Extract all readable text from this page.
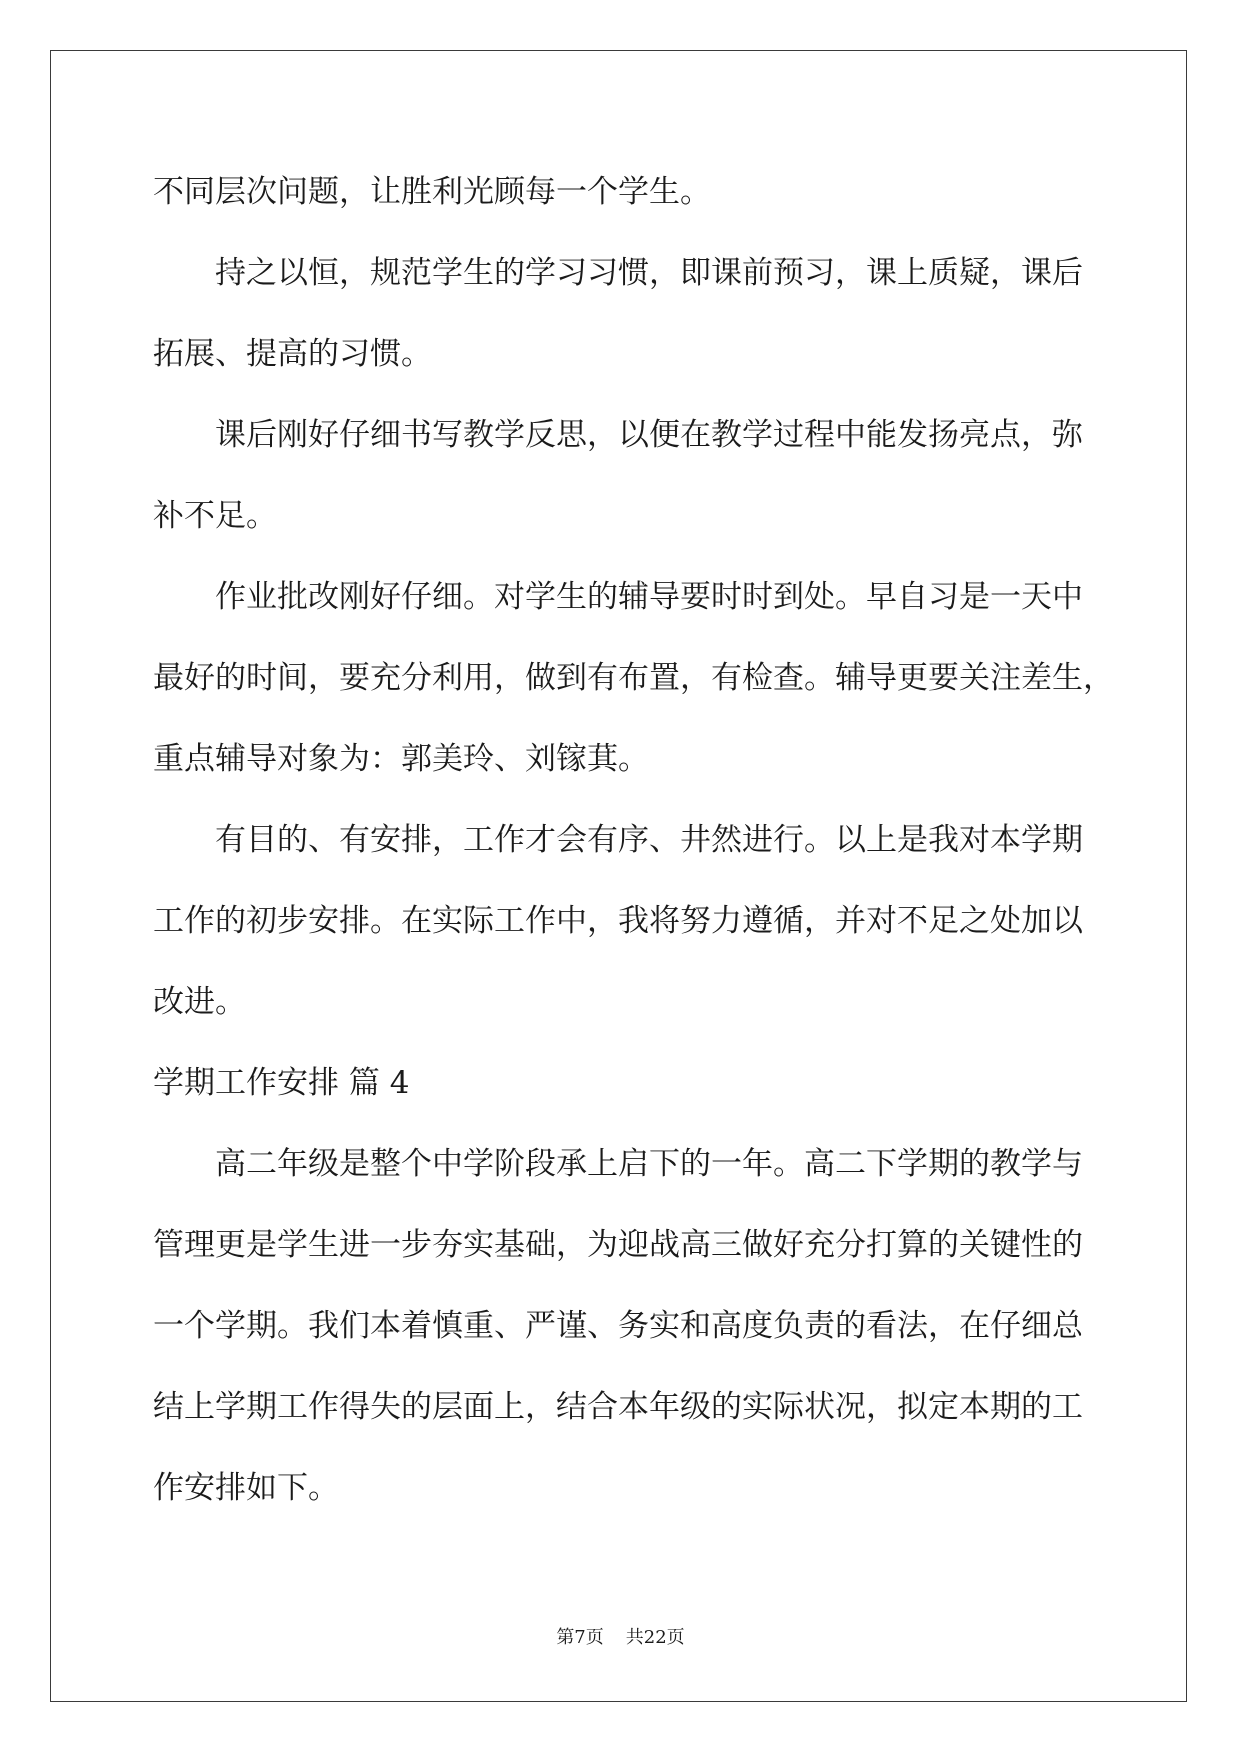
不同层次问题，让胜利光顾每一个学生。
持之以恒，规范学生的学习习惯，即课前预习，课上质疑，课后
拓展、提高的习惯。
课后刚好仔细书写教学反思，以便在教学过程中能发扬亮点，弥
补不足。
作业批改刚好仔细。对学生的辅导要时时到处。早自习是一天中
最好的时间，要充分利用，做到有布置，有检查。辅导更要关注差生，
重点辅导对象为：郭美玲、刘镓萁。
有目的、有安排，工作才会有序、井然进行。以上是我对本学期
工作的初步安排。在实际工作中，我将努力遵循，并对不足之处加以
改进。
学期工作安排 篇 4
高二年级是整个中学阶段承上启下的一年。高二下学期的教学与
管理更是学生进一步夯实基础，为迎战高三做好充分打算的关键性的
一个学期。我们本着慎重、严谨、务实和高度负责的看法，在仔细总
结上学期工作得失的层面上，结合本年级的实际状况，拟定本期的工
作安排如下。
第7页 共22页
